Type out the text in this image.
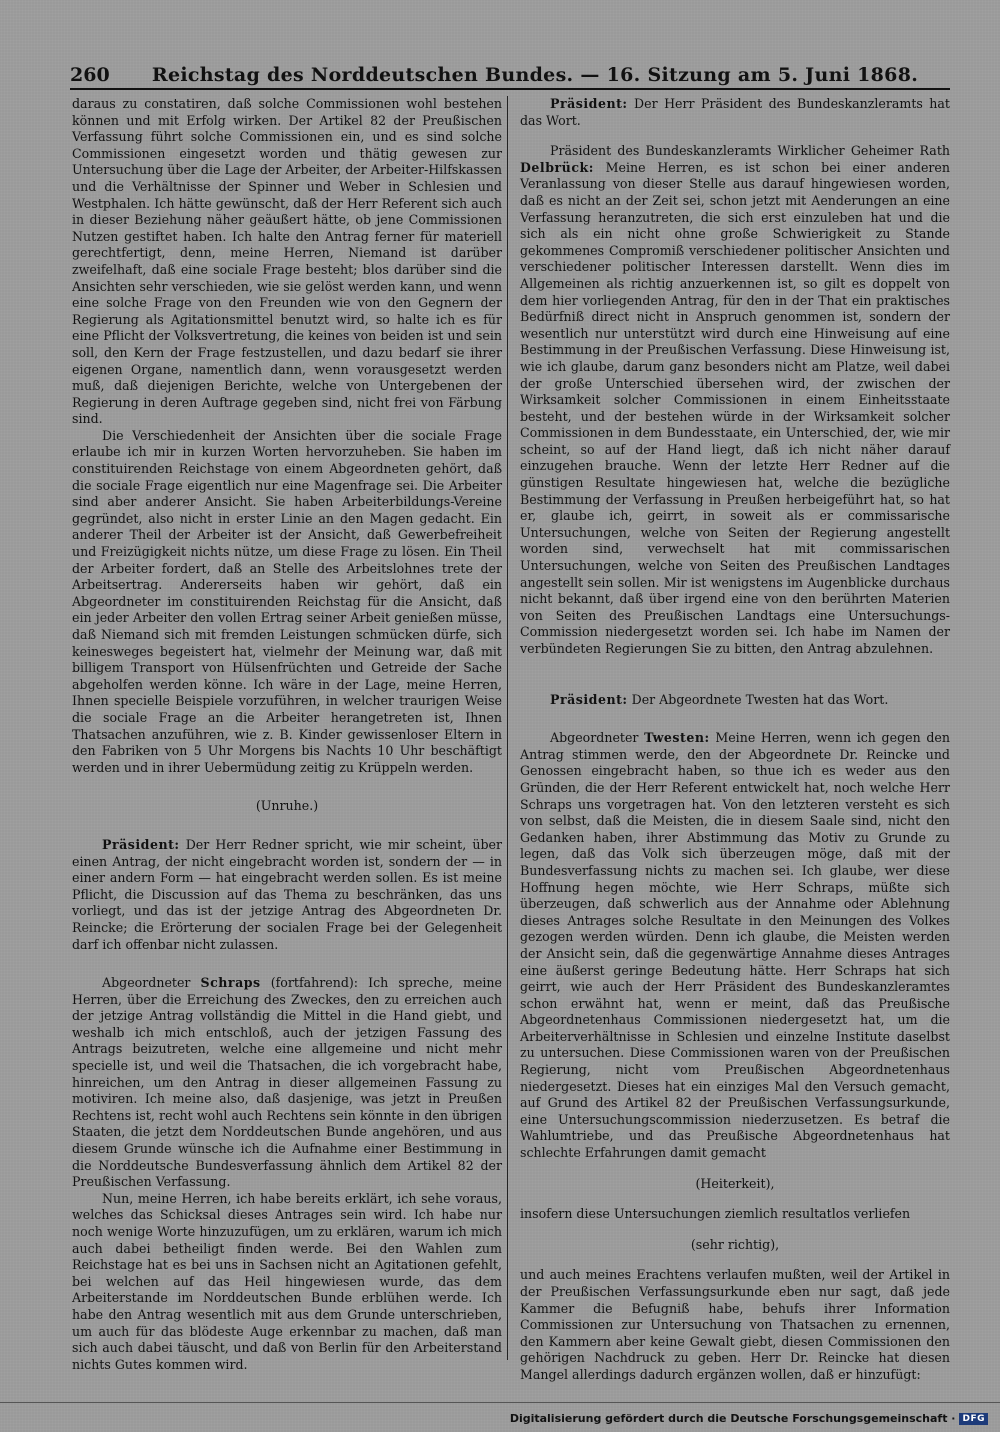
260	Reichstag des Norddeutschen Bundes. — 16. Sitzung am 5. Juni 1868.

daraus zu constatiren, daß solche Commissionen wohl bestehen können und mit Erfolg wirken. Der Artikel 82 der Preußischen Verfassung führt solche Commissionen ein, und es sind solche Commissionen eingesetzt worden und thätig gewesen zur Untersuchung über die Lage der Arbeiter, der Arbeiter-Hilfskassen und die Verhältnisse der Spinner und Weber in Schlesien und Westphalen. Ich hätte gewünscht, daß der Herr Referent sich auch in dieser Beziehung näher geäußert hätte, ob jene Commissionen Nutzen gestiftet haben. Ich halte den Antrag ferner für materiell gerechtfertigt, denn, meine Herren, Niemand ist darüber zweifelhaft, daß eine sociale Frage besteht; blos darüber sind die Ansichten sehr verschieden, wie sie gelöst werden kann, und wenn eine solche Frage von den Freunden wie von den Gegnern der Regierung als Agitationsmittel benutzt wird, so halte ich es für eine Pflicht der Volksvertretung, die keines von beiden ist und sein soll, den Kern der Frage festzustellen, und dazu bedarf sie ihrer eigenen Organe, namentlich dann, wenn vorausgesetzt werden muß, daß diejenigen Berichte, welche von Untergebenen der Regierung in deren Auftrage gegeben sind, nicht frei von Färbung sind.

Die Verschiedenheit der Ansichten über die sociale Frage erlaube ich mir in kurzen Worten hervorzuheben. Sie haben im constituirenden Reichstage von einem Abgeordneten gehört, daß die sociale Frage eigentlich nur eine Magenfrage sei. Die Arbeiter sind aber anderer Ansicht. Sie haben Arbeiterbildungs-Vereine gegründet, also nicht in erster Linie an den Magen gedacht. Ein anderer Theil der Arbeiter ist der Ansicht, daß Gewerbefreiheit und Freizügigkeit nichts nütze, um diese Frage zu lösen. Ein Theil der Arbeiter fordert, daß an Stelle des Arbeitslohnes trete der Arbeitsertrag. Andererseits haben wir gehört, daß ein Abgeordneter im constituirenden Reichstag für die Ansicht, daß ein jeder Arbeiter den vollen Ertrag seiner Arbeit genießen müsse, daß Niemand sich mit fremden Leistungen schmücken dürfe, sich keinesweges begeistert hat, vielmehr der Meinung war, daß mit billigem Transport von Hülsenfrüchten und Getreide der Sache abgeholfen werden könne. Ich wäre in der Lage, meine Herren, Ihnen specielle Beispiele vorzuführen, in welcher traurigen Weise die sociale Frage an die Arbeiter herangetreten ist, Ihnen Thatsachen anzuführen, wie z. B. Kinder gewissenloser Eltern in den Fabriken von 5 Uhr Morgens bis Nachts 10 Uhr beschäftigt werden und in ihrer Uebermüdung zeitig zu Krüppeln werden.

(Unruhe.)

Präsident: Der Herr Redner spricht, wie mir scheint, über einen Antrag, der nicht eingebracht worden ist, sondern der — in einer andern Form — hat eingebracht werden sollen. Es ist meine Pflicht, die Discussion auf das Thema zu beschränken, das uns vorliegt, und das ist der jetzige Antrag des Abgeordneten Dr. Reincke; die Erörterung der socialen Frage bei der Gelegenheit darf ich offenbar nicht zulassen.

Abgeordneter Schraps (fortfahrend): Ich spreche, meine Herren, über die Erreichung des Zweckes, den zu erreichen auch der jetzige Antrag vollständig die Mittel in die Hand giebt, und weshalb ich mich entschloß, auch der jetzigen Fassung des Antrags beizutreten, welche eine allgemeine und nicht mehr specielle ist, und weil die Thatsachen, die ich vorgebracht habe, hinreichen, um den Antrag in dieser allgemeinen Fassung zu motiviren. Ich meine also, daß dasjenige, was jetzt in Preußen Rechtens ist, recht wohl auch Rechtens sein könnte in den übrigen Staaten, die jetzt dem Norddeutschen Bunde angehören, und aus diesem Grunde wünsche ich die Aufnahme einer Bestimmung in die Norddeutsche Bundesverfassung ähnlich dem Artikel 82 der Preußischen Verfassung.

Nun, meine Herren, ich habe bereits erklärt, ich sehe voraus, welches das Schicksal dieses Antrages sein wird. Ich habe nur noch wenige Worte hinzuzufügen, um zu erklären, warum ich mich auch dabei betheiligt finden werde. Bei den Wahlen zum Reichstage hat es bei uns in Sachsen nicht an Agitationen gefehlt, bei welchen auf das Heil hingewiesen wurde, das dem Arbeiterstande im Norddeutschen Bunde erblühen werde. Ich habe den Antrag wesentlich mit aus dem Grunde unterschrieben, um auch für das blödeste Auge erkennbar zu machen, daß man sich auch dabei täuscht, und daß von Berlin für den Arbeiterstand nichts Gutes kommen wird.

Präsident: Der Herr Präsident des Bundeskanzleramts hat das Wort.

Präsident des Bundeskanzleramts Wirklicher Geheimer Rath Delbrück: Meine Herren, es ist schon bei einer anderen Veranlassung von dieser Stelle aus darauf hingewiesen worden, daß es nicht an der Zeit sei, schon jetzt mit Aenderungen an eine Verfassung heranzutreten, die sich erst einzuleben hat und die sich als ein nicht ohne große Schwierigkeit zu Stande gekommenes Compromiß verschiedener politischer Ansichten und verschiedener politischer Interessen darstellt. Wenn dies im Allgemeinen als richtig anzuerkennen ist, so gilt es doppelt von dem hier vorliegenden Antrag, für den in der That ein praktisches Bedürfniß direct nicht in Anspruch genommen ist, sondern der wesentlich nur unterstützt wird durch eine Hinweisung auf eine Bestimmung in der Preußischen Verfassung. Diese Hinweisung ist, wie ich glaube, darum ganz besonders nicht am Platze, weil dabei der große Unterschied übersehen wird, der zwischen der Wirksamkeit solcher Commissionen in einem Einheitsstaate besteht, und der bestehen würde in der Wirksamkeit solcher Commissionen in dem Bundesstaate, ein Unterschied, der, wie mir scheint, so auf der Hand liegt, daß ich nicht näher darauf einzugehen brauche. Wenn der letzte Herr Redner auf die günstigen Resultate hingewiesen hat, welche die bezügliche Bestimmung der Verfassung in Preußen herbeigeführt hat, so hat er, glaube ich, geirrt, in soweit als er commissarische Untersuchungen, welche von Seiten der Regierung angestellt worden sind, verwechselt hat mit commissarischen Untersuchungen, welche von Seiten des Preußischen Landtages angestellt sein sollen. Mir ist wenigstens im Augenblicke durchaus nicht bekannt, daß über irgend eine von den berührten Materien von Seiten des Preußischen Landtags eine Untersuchungs-Commission niedergesetzt worden sei. Ich habe im Namen der verbündeten Regierungen Sie zu bitten, den Antrag abzulehnen.

Präsident: Der Abgeordnete Twesten hat das Wort.

Abgeordneter Twesten: Meine Herren, wenn ich gegen den Antrag stimmen werde, den der Abgeordnete Dr. Reincke und Genossen eingebracht haben, so thue ich es weder aus den Gründen, die der Herr Referent entwickelt hat, noch welche Herr Schraps uns vorgetragen hat. Von den letzteren versteht es sich von selbst, daß die Meisten, die in diesem Saale sind, nicht den Gedanken haben, ihrer Abstimmung das Motiv zu Grunde zu legen, daß das Volk sich überzeugen möge, daß mit der Bundesverfassung nichts zu machen sei. Ich glaube, wer diese Hoffnung hegen möchte, wie Herr Schraps, müßte sich überzeugen, daß schwerlich aus der Annahme oder Ablehnung dieses Antrages solche Resultate in den Meinungen des Volkes gezogen werden würden. Denn ich glaube, die Meisten werden der Ansicht sein, daß die gegenwärtige Annahme dieses Antrages eine äußerst geringe Bedeutung hätte. Herr Schraps hat sich geirrt, wie auch der Herr Präsident des Bundeskanzleramtes schon erwähnt hat, wenn er meint, daß das Preußische Abgeordnetenhaus Commissionen niedergesetzt hat, um die Arbeiterverhältnisse in Schlesien und einzelne Institute daselbst zu untersuchen. Diese Commissionen waren von der Preußischen Regierung, nicht vom Preußischen Abgeordnetenhaus niedergesetzt. Dieses hat ein einziges Mal den Versuch gemacht, auf Grund des Artikel 82 der Preußischen Verfassungsurkunde, eine Untersuchungscommission niederzusetzen. Es betraf die Wahlumtriebe, und das Preußische Abgeordnetenhaus hat schlechte Erfahrungen damit gemacht

(Heiterkeit),

insofern diese Untersuchungen ziemlich resultatlos verliefen

(sehr richtig),

und auch meines Erachtens verlaufen mußten, weil der Artikel in der Preußischen Verfassungsurkunde eben nur sagt, daß jede Kammer die Befugniß habe, behufs ihrer Information Commissionen zur Untersuchung von Thatsachen zu ernennen, den Kammern aber keine Gewalt giebt, diesen Commissionen den gehörigen Nachdruck zu geben. Herr Dr. Reincke hat diesen Mangel allerdings dadurch ergänzen wollen, daß er hinzufügt:

Digitalisierung gefördert durch die Deutsche Forschungsgemeinschaft · DFG
